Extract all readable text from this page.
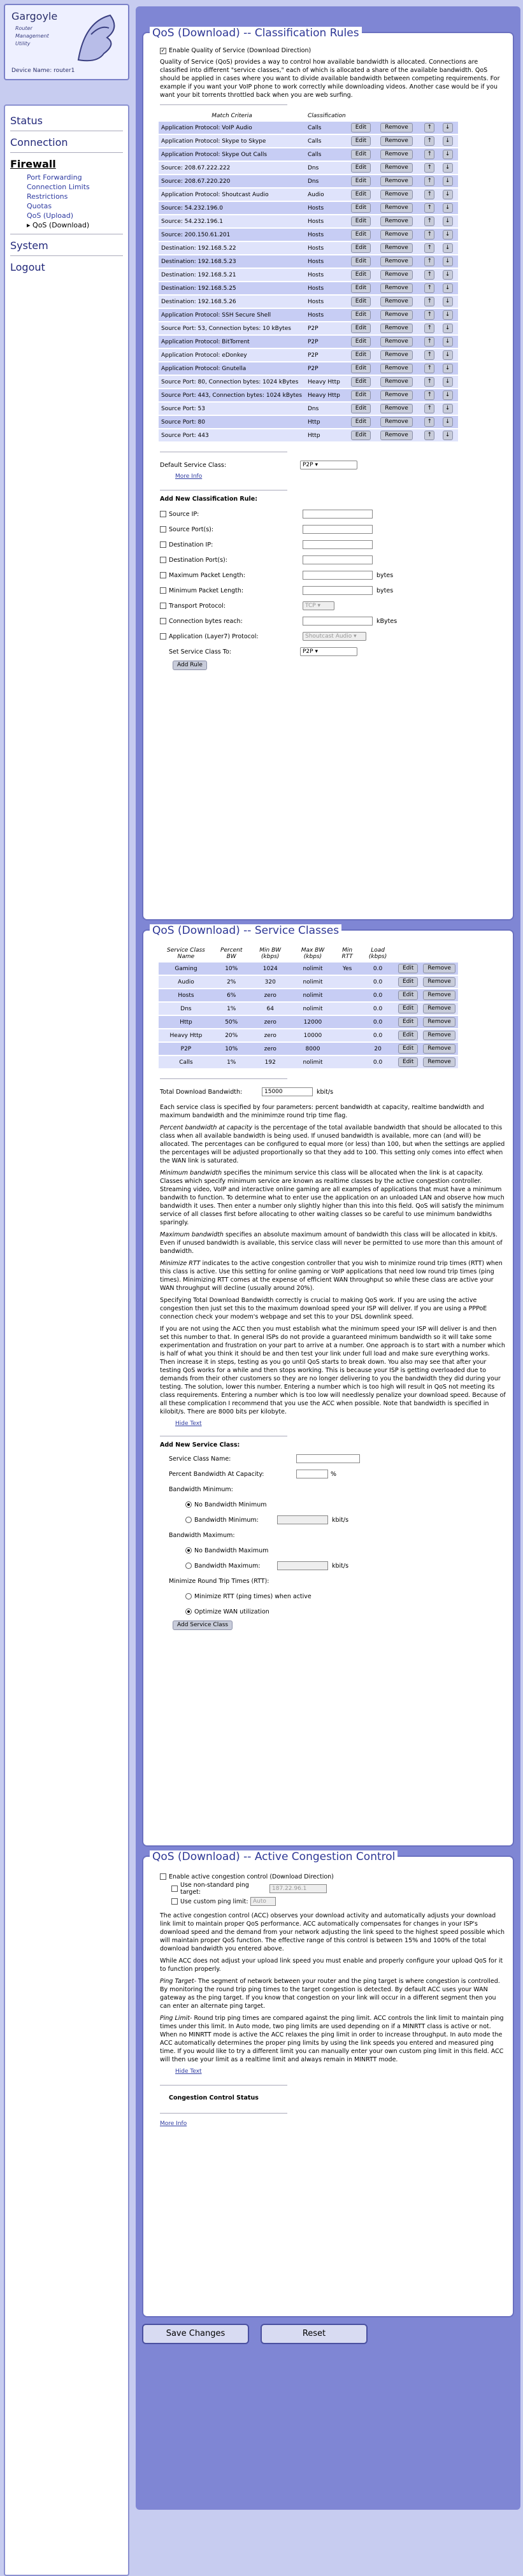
Gargoyle
Router
Management
Utility
Device Name: router1
Status
Connection
Firewall
Port Forwarding
Connection Limits
Restrictions
Quotas
QoS (Upload)
▸ QoS (Download)
System
Logout
QoS (Download) -- Classification Rules
✓ Enable Quality of Service (Download Direction)

Quality of Service (QoS) provides a way to control how available bandwidth is allocated. Connections are classified into different "service classes," each of which is allocated a share of the available bandwidth. QoS should be applied in cases where you want to divide available bandwidth between competing requirements. For example if you want your VoIP phone to work correctly while downloading videos. Another case would be if you want your bit torrents throttled back when you are web surfing.

Match Criteria	Classification				
Application Protocol: VoIP Audio	Calls	Edit	Remove	↑	↓
Application Protocol: Skype to Skype	Calls	Edit	Remove	↑	↓
Application Protocol: Skype Out Calls	Calls	Edit	Remove	↑	↓
Source: 208.67.222.222	Dns	Edit	Remove	↑	↓
Source: 208.67.220.220	Dns	Edit	Remove	↑	↓
Application Protocol: Shoutcast Audio	Audio	Edit	Remove	↑	↓
Source: 54.232.196.0	Hosts	Edit	Remove	↑	↓
Source: 54.232.196.1	Hosts	Edit	Remove	↑	↓
Source: 200.150.61.201	Hosts	Edit	Remove	↑	↓
Destination: 192.168.5.22	Hosts	Edit	Remove	↑	↓
Destination: 192.168.5.23	Hosts	Edit	Remove	↑	↓
Destination: 192.168.5.21	Hosts	Edit	Remove	↑	↓
Destination: 192.168.5.25	Hosts	Edit	Remove	↑	↓
Destination: 192.168.5.26	Hosts	Edit	Remove	↑	↓
Application Protocol: SSH Secure Shell	Hosts	Edit	Remove	↑	↓
Source Port: 53, Connection bytes: 10 kBytes	P2P	Edit	Remove	↑	↓
Application Protocol: BitTorrent	P2P	Edit	Remove	↑	↓
Application Protocol: eDonkey	P2P	Edit	Remove	↑	↓
Application Protocol: Gnutella	P2P	Edit	Remove	↑	↓
Source Port: 80, Connection bytes: 1024 kBytes	Heavy Http	Edit	Remove	↑	↓
Source Port: 443, Connection bytes: 1024 kBytes	Heavy Http	Edit	Remove	↑	↓
Source Port: 53	Dns	Edit	Remove	↑	↓
Source Port: 80	Http	Edit	Remove	↑	↓
Source Port: 443	Http	Edit	Remove	↑	↓
Default Service Class:	P2P ▾
More Info
Add New Classification Rule:
Source IP:
Source Port(s):
Destination IP:
Destination Port(s):
Maximum Packet Length:	bytes
Minimum Packet Length:	bytes
Transport Protocol:	TCP ▾
Connection bytes reach:	kBytes
Application (Layer7) Protocol:	Shoutcast Audio ▾
Set Service Class To:	P2P ▾
Add Rule
QoS (Download) -- Service Classes
Service Class Name	Percent BW	Min BW (kbps)	Max BW (kbps)	Min RTT	Load (kbps)		
Gaming	10%	1024	nolimit	Yes	0.0	Edit	Remove
Audio	2%	320	nolimit		0.0	Edit	Remove
Hosts	6%	zero	nolimit		0.0	Edit	Remove
Dns	1%	64	nolimit		0.0	Edit	Remove
Http	50%	zero	12000		0.0	Edit	Remove
Heavy Http	20%	zero	10000		0.0	Edit	Remove
P2P	10%	zero	8000		20	Edit	Remove
Calls	1%	192	nolimit		0.0	Edit	Remove
Total Download Bandwidth:	15000	kbit/s

Each service class is specified by four parameters: percent bandwidth at capacity, realtime bandwidth and maximum bandwidth and the minimimze round trip time flag.

Percent bandwidth at capacity is the percentage of the total available bandwidth that should be allocated to this class when all available bandwidth is being used. If unused bandwidth is available, more can (and will) be allocated. The percentages can be configured to equal more (or less) than 100, but when the settings are applied the percentages will be adjusted proportionally so that they add to 100. This setting only comes into effect when the WAN link is saturated.

Minimum bandwidth specifies the minimum service this class will be allocated when the link is at capacity. Classes which specify minimum service are known as realtime classes by the active congestion controller. Streaming video, VoIP and interactive online gaming are all examples of applications that must have a minimum bandwith to function. To determine what to enter use the application on an unloaded LAN and observe how much bandwidth it uses. Then enter a number only slightly higher than this into this field. QoS will satisfy the minimum service of all classes first before allocating to other waiting classes so be careful to use minimum bandwidths sparingly.

Maximum bandwidth specifies an absolute maximum amount of bandwidth this class will be allocated in kbit/s. Even if unused bandwidth is available, this service class will never be permitted to use more than this amount of bandwidth.

Minimize RTT indicates to the active congestion controller that you wish to minimize round trip times (RTT) when this class is active. Use this setting for online gaming or VoIP applications that need low round trip times (ping times). Minimizing RTT comes at the expense of efficient WAN throughput so while these class are active your WAN throughput will decline (usually around 20%).

Specifying Total Download Bandwidth correctly is crucial to making QoS work. If you are using the active congestion then just set this to the maximum download speed your ISP will deliver. If you are using a PPPoE connection check your modem's webpage and set this to your DSL downlink speed.

If you are not using the ACC then you must establish what the minimum speed your ISP will deliver is and then set this number to that. In general ISPs do not provide a guaranteed minimum bandwidth so it will take some experimentation and frustration on your part to arrive at a number. One approach is to start with a number which is half of what you think it should be and then test your link under full load and make sure everything works. Then increase it in steps, testing as you go until QoS starts to break down. You also may see that after your testing QoS works for a while and then stops working. This is because your ISP is getting overloaded due to demands from their other customers so they are no longer delivering to you the bandwidth they did during your testing. The solution, lower this number. Entering a number which is too high will result in QoS not meeting its class requirements. Entering a number which is too low will needlessly penalize your download speed. Because of all these complication I recommend that you use the ACC when possible. Note that bandwidth is specified in kilobit/s. There are 8000 bits per kilobyte.

Hide Text
Add New Service Class:
Service Class Name:
Percent Bandwidth At Capacity:	%
Bandwidth Minimum:
No Bandwidth Minimum
Bandwidth Minimum:	kbit/s
Bandwidth Maximum:
No Bandwidth Maximum
Bandwidth Maximum:	kbit/s
Minimize Round Trip Times (RTT):
Minimize RTT (ping times) when active
Optimize WAN utilization
Add Service Class
QoS (Download) -- Active Congestion Control
Enable active congestion control (Download Direction)
Use non-standard ping target:	187.22.96.1
Use custom ping limit: Auto

The active congestion control (ACC) observes your download activity and automatically adjusts your download link limit to maintain proper QoS performance. ACC automatically compensates for changes in your ISP's download speed and the demand from your network adjusting the link speed to the highest speed possible which will maintain proper QoS function. The effective range of this control is between 15% and 100% of the total download bandwidth you entered above.

While ACC does not adjust your upload link speed you must enable and properly configure your upload QoS for it to function properly.

Ping Target- The segment of network between your router and the ping target is where congestion is controlled. By monitoring the round trip ping times to the target congestion is detected. By default ACC uses your WAN gateway as the ping target. If you know that congestion on your link will occur in a different segment then you can enter an alternate ping target.

Ping Limit- Round trip ping times are compared against the ping limit. ACC controls the link limit to maintain ping times under this limit. In Auto mode, two ping limits are used depending on if a MINRTT class is active or not. When no MINRTT mode is active the ACC relaxes the ping limit in order to increase throughput. In auto mode the ACC automatically determines the proper ping limits by using the link speeds you entered and measured ping time. If you would like to try a different limit you can manually enter your own custom ping limit in this field. ACC will then use your limit as a realtime limit and always remain in MINRTT mode.

Hide Text
Congestion Control Status
More Info
Save Changes	Reset
